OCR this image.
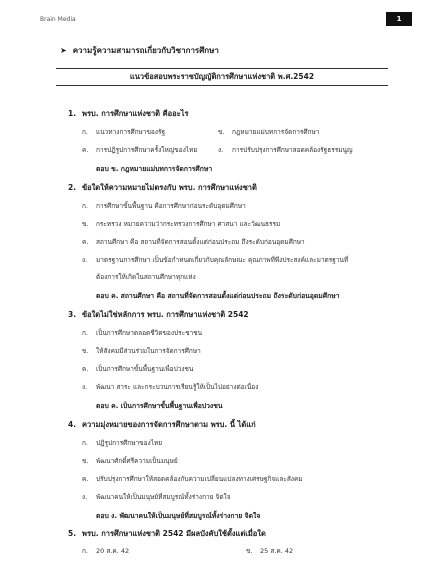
Brain Media	1
➤ ความรู้ความสามารถเกี่ยวกับวิชาการศึกษา
แนวข้อสอบพระราชบัญญัติการศึกษาแห่งชาติ พ.ศ.2542
1. พรบ. การศึกษาแห่งชาติ คืออะไร
ก. แนวทางการศึกษาของรัฐ	ข. กฎหมายแม่บทการจัดการศึกษา
ค. การปฏิรูปการศึกษาครั้งใหญ่ของไทย	ง. การปรับปรุงการศึกษาสอดคล้องรัฐธรรมนูญ
ตอบ ข. กฎหมายแม่บทการจัดการศึกษา
2. ข้อใดให้ความหมายไม่ตรงกับ พรบ. การศึกษาแห่งชาติ
ก. การศึกษาขั้นพื้นฐาน คือการศึกษาก่อนระดับอุดมศึกษา
ข. กระทรวง หมายความว่ากระทรวงการศึกษา ศาสนา และวัฒนธรรม
ค. สถานศึกษา คือ สถานที่จัดการสอนตั้งแต่ก่อนประถม ถึงระดับก่อนอุดมศึกษา
ง. มาตรฐานการศึกษา เป็นข้อกำหนดเกี่ยวกับคุณลักษณะ คุณภาพที่พึงประสงค์และมาตรฐานที่
ต้องการให้เกิดในสถานศึกษาทุกแห่ง
ตอบ ค. สถานศึกษา คือ สถานที่จัดการสอนตั้งแต่ก่อนประถม ถึงระดับก่อนอุดมศึกษา
3. ข้อใดไม่ใช่หลักการ พรบ. การศึกษาแห่งชาติ 2542
ก. เป็นการศึกษาตลอดชีวิตของประชาชน
ข. ให้สังคมมีส่วนร่วมในการจัดการศึกษา
ค. เป็นการศึกษาขั้นพื้นฐานเพื่อปวงชน
ง. พัฒนา สาระ และกระบวนการเรียนรู้ให้เป็นไปอย่างต่อเนื่อง
ตอบ ค. เป็นการศึกษาขั้นพื้นฐานเพื่อปวงชน
4. ความมุ่งหมายของการจัดการศึกษาตาม พรบ. นี้ ได้แก่
ก. ปฏิรูปการศึกษาของไทย
ข. พัฒนาศักดิ์ศรีความเป็นมนุษย์
ค. ปรับปรุงการศึกษาให้สอดคล้องกับความเปลี่ยนแปลงทางเศรษฐกิจและสังคม
ง. พัฒนาคนให้เป็นมนุษย์ที่สมบูรณ์ทั้งร่างกาย จิตใจ
ตอบ ง. พัฒนาคนให้เป็นมนุษย์ที่สมบูรณ์ทั้งร่างกาย จิตใจ
5. พรบ. การศึกษาแห่งชาติ 2542 มีผลบังคับใช้ตั้งแต่เมื่อใด
ก. 20 ส.ค. 42	ข. 25 ส.ค. 42
